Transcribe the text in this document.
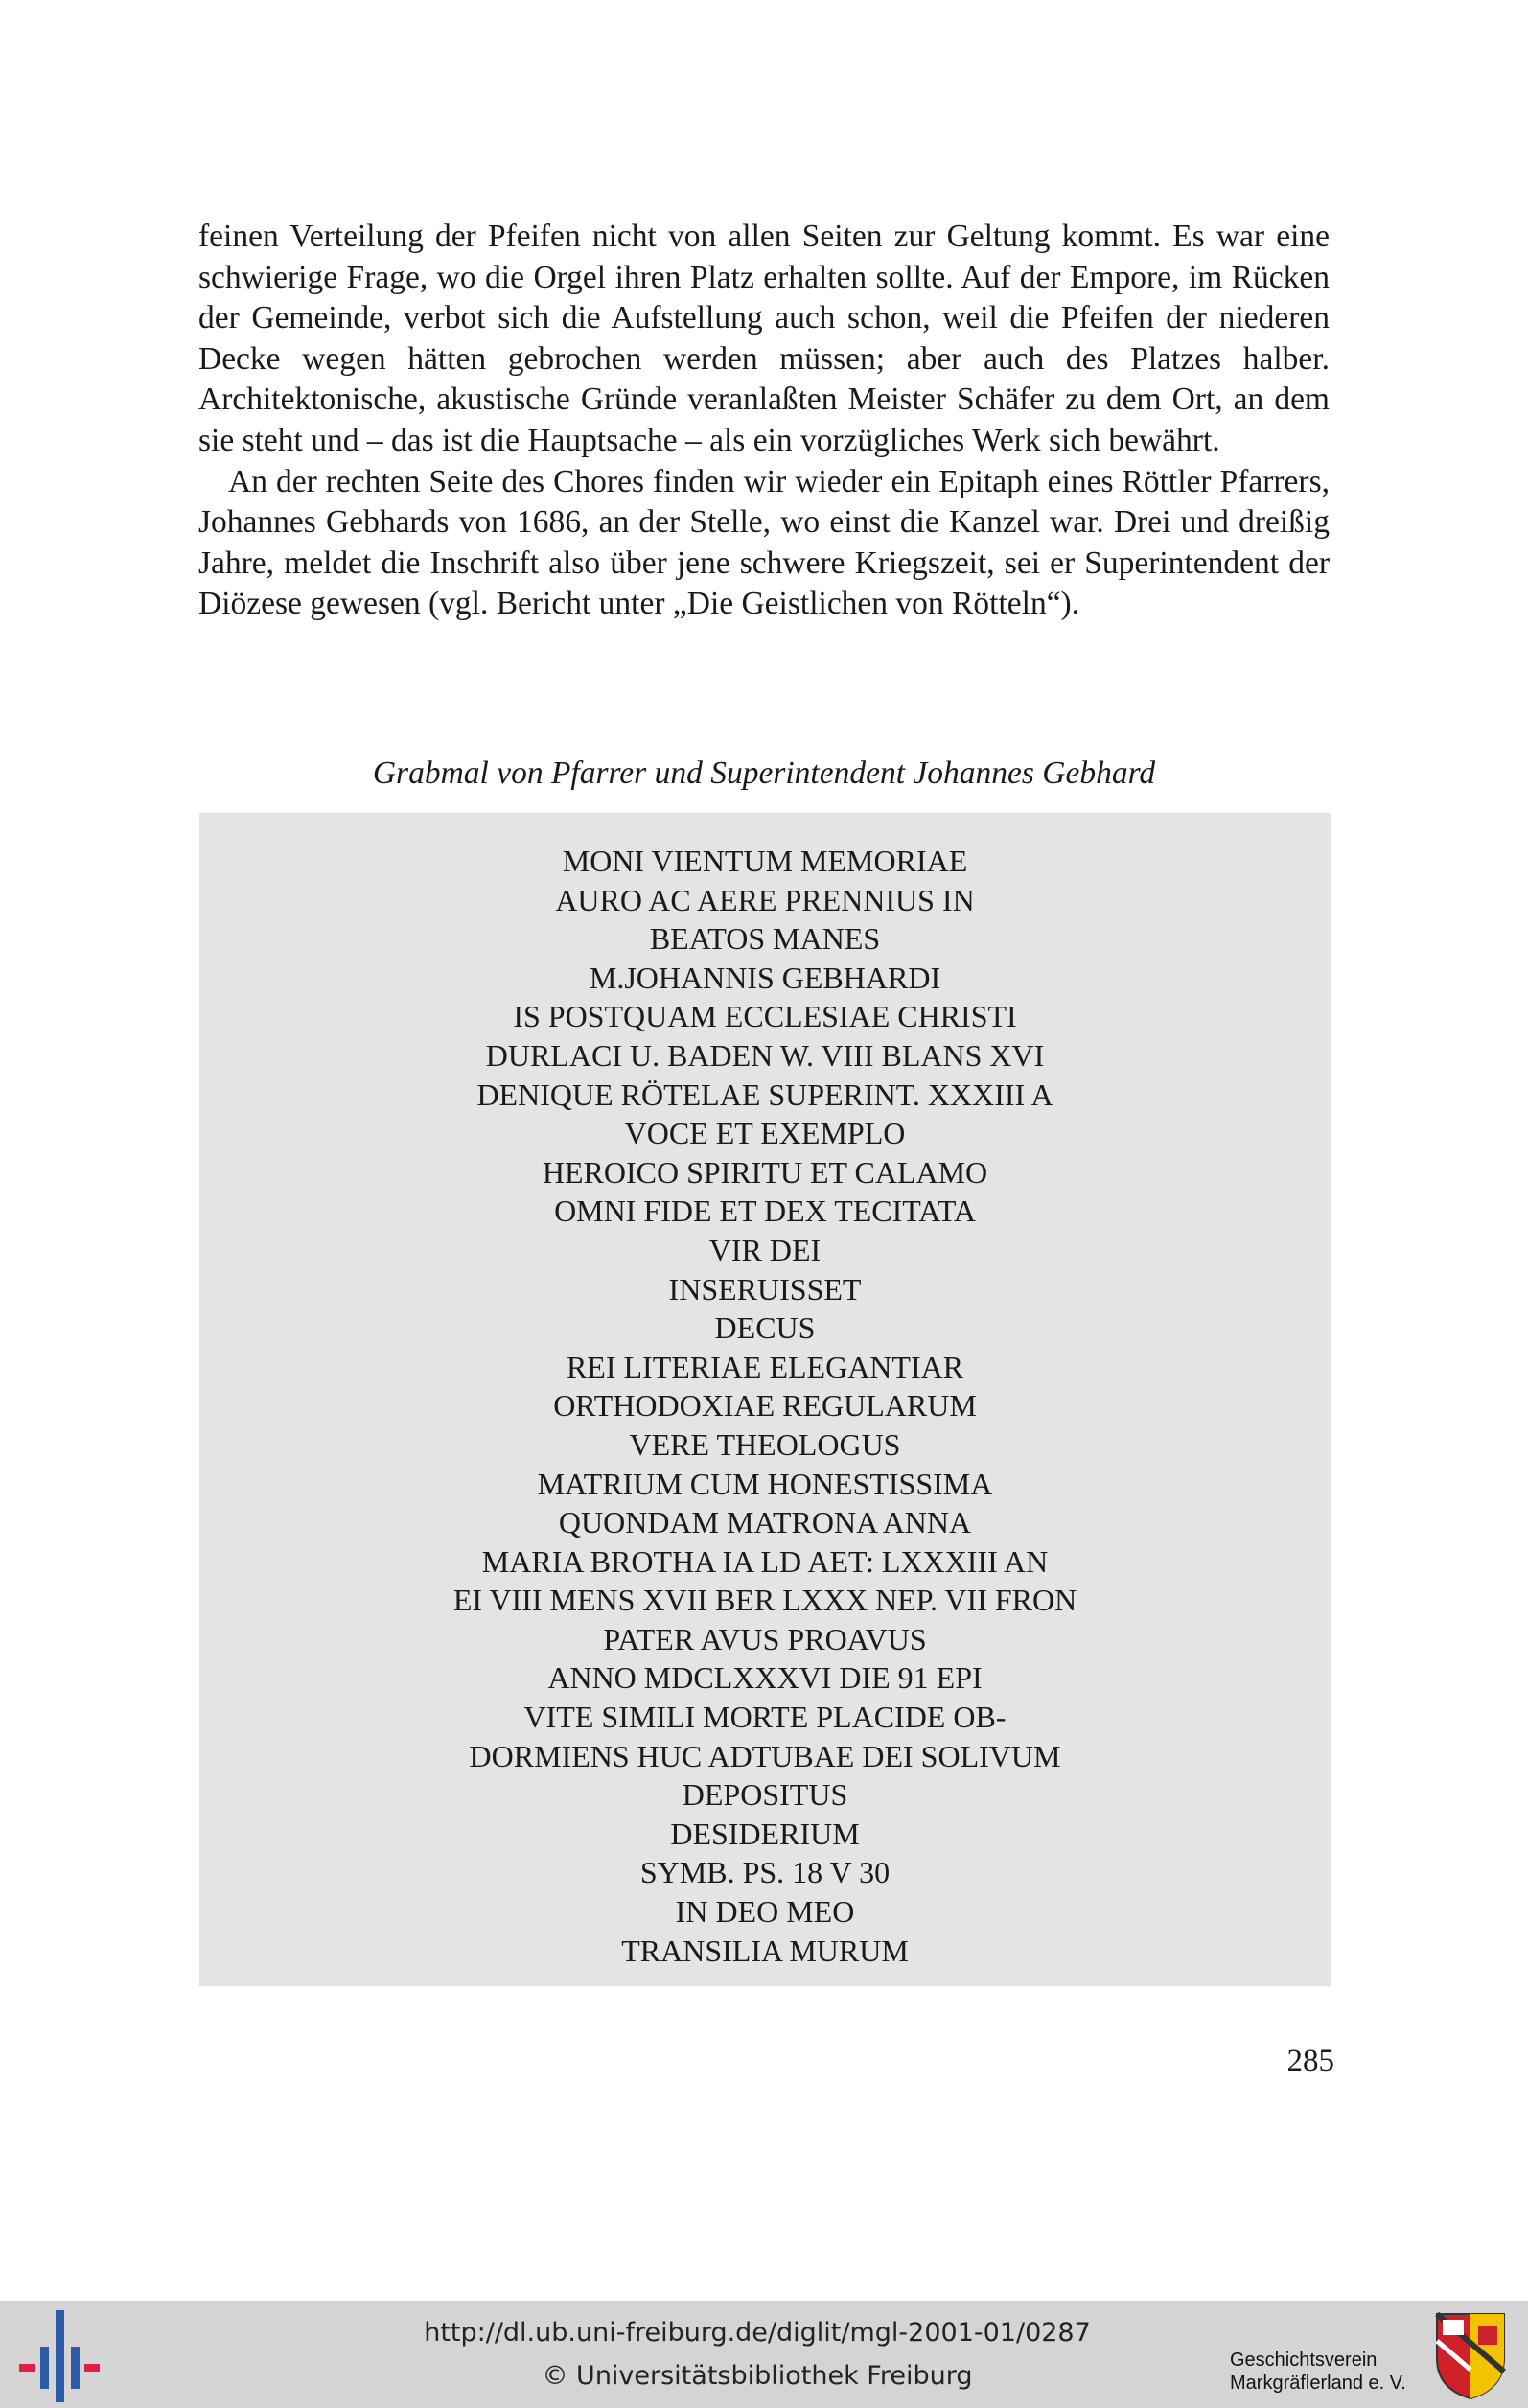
feinen Verteilung der Pfeifen nicht von allen Seiten zur Geltung kommt. Es war eine schwierige Frage, wo die Orgel ihren Platz erhalten sollte. Auf der Empore, im Rücken der Gemeinde, verbot sich die Aufstellung auch schon, weil die Pfeifen der niederen Decke wegen hätten gebrochen werden müssen; aber auch des Platzes halber. Architektonische, akustische Gründe veranlaßten Meister Schäfer zu dem Ort, an dem sie steht und – das ist die Hauptsache – als ein vorzügliches Werk sich bewährt.

An der rechten Seite des Chores finden wir wieder ein Epitaph eines Röttler Pfarrers, Johannes Gebhards von 1686, an der Stelle, wo einst die Kanzel war. Drei und dreißig Jahre, meldet die Inschrift also über jene schwere Kriegszeit, sei er Superintendent der Diözese gewesen (vgl. Bericht unter „Die Geistlichen von Rötteln“).

Grabmal von Pfarrer und Superintendent Johannes Gebhard
MONI VIENTUM MEMORIAE
AURO AC AERE PRENNIUS IN
BEATOS MANES
M.JOHANNIS GEBHARDI
IS POSTQUAM ECCLESIAE CHRISTI
DURLACI U. BADEN W. VIII BLANS XVI
DENIQUE RÖTELAE SUPERINT. XXXIII A
VOCE ET EXEMPLO
HEROICO SPIRITU ET CALAMO
OMNI FIDE ET DEX TECITATA
VIR DEI
INSERUISSET
DECUS
REI LITERIAE ELEGANTIAR
ORTHODOXIAE REGULARUM
VERE THEOLOGUS
MATRIUM CUM HONESTISSIMA
QUONDAM MATRONA ANNA
MARIA BROTHA IA LD AET: LXXXIII AN
EI VIII MENS XVII BER LXXX NEP. VII FRON
PATER AVUS PROAVUS
ANNO MDCLXXXVI DIE 91 EPI
VITE SIMILI MORTE PLACIDE OB-
DORMIENS HUC ADTUBAE DEI SOLIVUM
DEPOSITUS
DESIDERIUM
SYMB. PS. 18 V 30
IN DEO MEO
TRANSILIA MURUM
285
http://dl.ub.uni-freiburg.de/diglit/mgl-2001-01/0287
© Universitätsbibliothek Freiburg
Geschichtsverein
Markgräflerland e. V.
